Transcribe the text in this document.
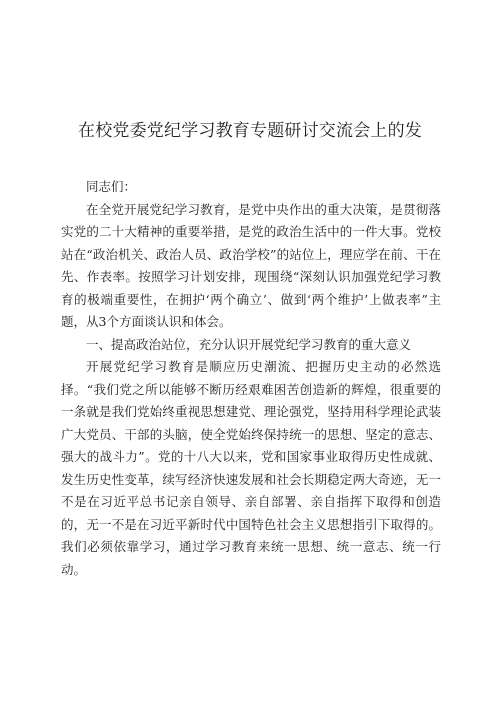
在校党委党纪学习教育专题研讨交流会上的发

同志们：

在全党开展党纪学习教育，是党中央作出的重大决策，是贯彻落实党的二十大精神的重要举措，是党的政治生活中的一件大事。党校站在“政治机关、政治人员、政治学校”的站位上，理应学在前、干在先、作表率。按照学习计划安排，现围绕“深刻认识加强党纪学习教育的极端重要性，在拥护‘两个确立’、做到‘两个维护’上做表率”主题，从3个方面谈认识和体会。

一、提高政治站位，充分认识开展党纪学习教育的重大意义

开展党纪学习教育是顺应历史潮流、把握历史主动的必然选择。“我们党之所以能够不断历经艰难困苦创造新的辉煌，很重要的一条就是我们党始终重视思想建党、理论强党，坚持用科学理论武装广大党员、干部的头脑，使全党始终保持统一的思想、坚定的意志、强大的战斗力”。党的十八大以来，党和国家事业取得历史性成就、发生历史性变革，续写经济快速发展和社会长期稳定两大奇迹，无一不是在习近平总书记亲自领导、亲自部署、亲自指挥下取得和创造的，无一不是在习近平新时代中国特色社会主义思想指引下取得的。我们必须依靠学习，通过学习教育来统一思想、统一意志、统一行动。
